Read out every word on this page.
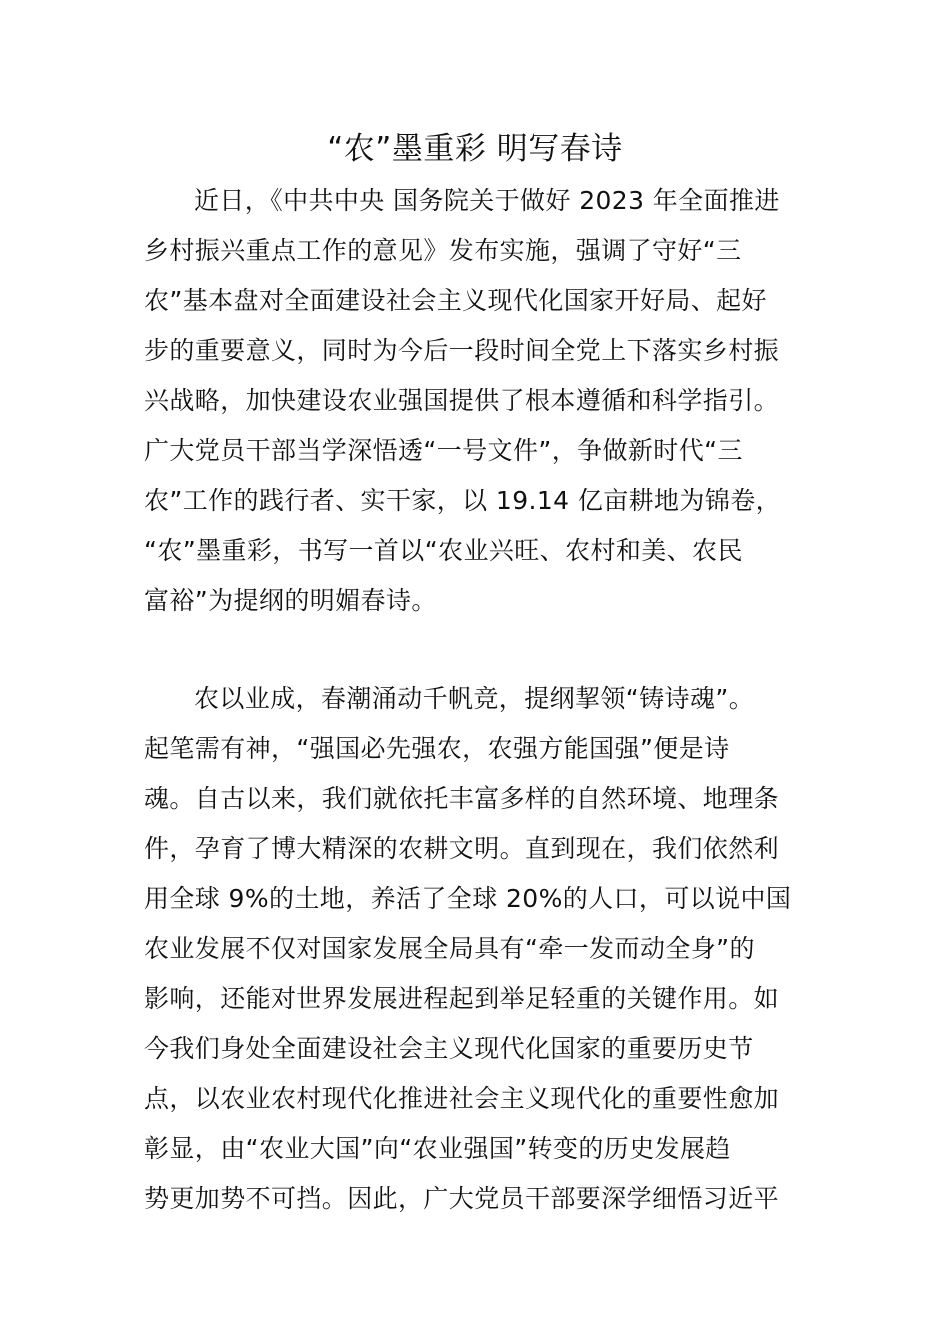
“农”墨重彩 明写春诗

近日，《中共中央 国务院关于做好 2023 年全面推进
乡村振兴重点工作的意见》发布实施，强调了守好“三
农”基本盘对全面建设社会主义现代化国家开好局、起好
步的重要意义，同时为今后一段时间全党上下落实乡村振
兴战略，加快建设农业强国提供了根本遵循和科学指引。
广大党员干部当学深悟透“一号文件”，争做新时代“三
农”工作的践行者、实干家，以 19.14 亿亩耕地为锦卷，
“农”墨重彩，书写一首以“农业兴旺、农村和美、农民
富裕”为提纲的明媚春诗。

农以业成，春潮涌动千帆竞，提纲挈领“铸诗魂”。
起笔需有神，“强国必先强农，农强方能国强”便是诗
魂。自古以来，我们就依托丰富多样的自然环境、地理条
件，孕育了博大精深的农耕文明。直到现在，我们依然利
用全球 9%的土地，养活了全球 20%的人口，可以说中国
农业发展不仅对国家发展全局具有“牵一发而动全身”的
影响，还能对世界发展进程起到举足轻重的关键作用。如
今我们身处全面建设社会主义现代化国家的重要历史节
点，以农业农村现代化推进社会主义现代化的重要性愈加
彰显，由“农业大国”向“农业强国”转变的历史发展趋
势更加势不可挡。因此，广大党员干部要深学细悟习近平
